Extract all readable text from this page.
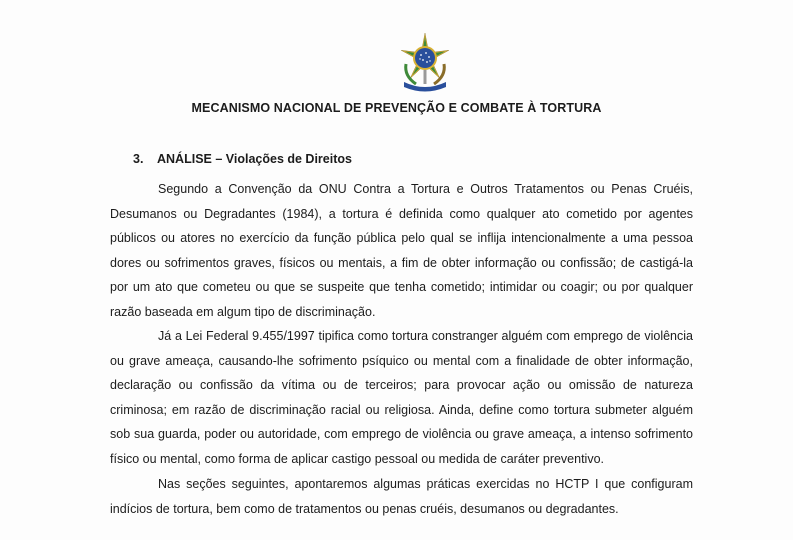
MECANISMO NACIONAL DE PREVENÇÃO E COMBATE À TORTURA
3. ANÁLISE – Violações de Direitos

Segundo a Convenção da ONU Contra a Tortura e Outros Tratamentos ou Penas Cruéis, Desumanos ou Degradantes (1984), a tortura é definida como qualquer ato cometido por agentes públicos ou atores no exercício da função pública pelo qual se inflija intencionalmente a uma pessoa dores ou sofrimentos graves, físicos ou mentais, a fim de obter informação ou confissão; de castigá-la por um ato que cometeu ou que se suspeite que tenha cometido; intimidar ou coagir; ou por qualquer razão baseada em algum tipo de discriminação.

Já a Lei Federal 9.455/1997 tipifica como tortura constranger alguém com emprego de violência ou grave ameaça, causando-lhe sofrimento psíquico ou mental com a finalidade de obter informação, declaração ou confissão da vítima ou de terceiros; para provocar ação ou omissão de natureza criminosa; em razão de discriminação racial ou religiosa. Ainda, define como tortura submeter alguém sob sua guarda, poder ou autoridade, com emprego de violência ou grave ameaça, a intenso sofrimento físico ou mental, como forma de aplicar castigo pessoal ou medida de caráter preventivo.

Nas seções seguintes, apontaremos algumas práticas exercidas no HCTP I que configuram indícios de tortura, bem como de tratamentos ou penas cruéis, desumanos ou degradantes.
